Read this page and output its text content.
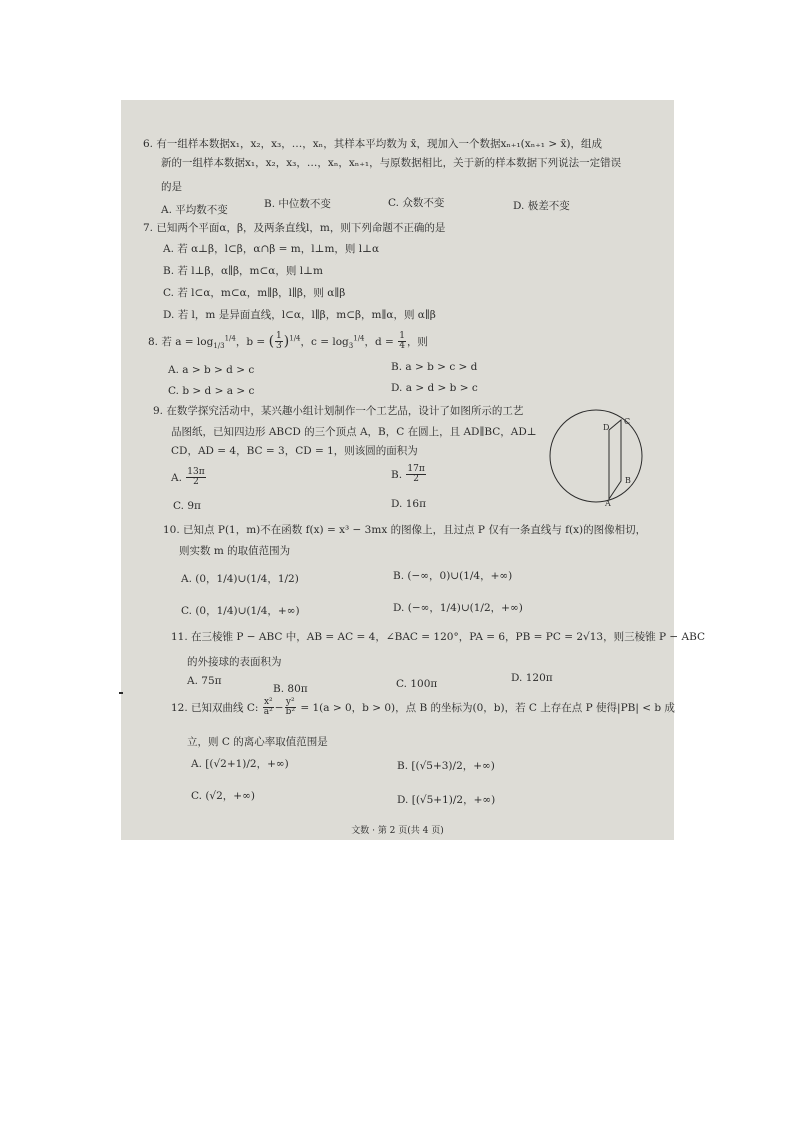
6. 有一组样本数据x₁，x₂，x₃，…，xₙ，其样本平均数为 x̄，现加入一个数据xₙ₊₁(xₙ₊₁ > x̄)，组成
新的一组样本数据x₁，x₂，x₃，…，xₙ，xₙ₊₁，与原数据相比，关于新的样本数据下列说法一定错误
的是
A. 平均数不变	B. 中位数不变	C. 众数不变	D. 极差不变
7. 已知两个平面α，β，及两条直线l，m，则下列命题不正确的是
A. 若 α⊥β，l⊂β，α∩β = m，l⊥m，则 l⊥α
B. 若 l⊥β，α∥β，m⊂α，则 l⊥m
C. 若 l⊂α，m⊂α，m∥β，l∥β，则 α∥β
D. 若 l，m 是异面直线，l⊂α，l∥β，m⊂β，m∥α，则 α∥β
8. 若 $a = \log_{1/3}^{1/4}$，b = ( $\frac{1}{3} )^{1/4}$，$c = \log_3^{1/4}$，$d = \frac{1}{4}$ ，则
A. a > b > d > c	B. a > b > c > d
C. b > d > a > c	D. a > d > b > c
9. 在数学探究活动中，某兴趣小组计划制作一个工艺品，设计了如图所示的工艺
品图纸，已知四边形 ABCD 的三个顶点 A，B，C 在圆上，且 AD∥BC，AD⊥
CD，AD = 4，BC = 3，CD = 1，则该圆的面积为
A. $\frac{13\pi}{2}$	B. $\frac{17\pi}{2}$
C. 9π	D. 16π
D
C
B
A
10. 已知点 P(1，m)不在函数 f(x) = x³ − 3mx 的图像上，且过点 P 仅有一条直线与 f(x)的图像相切，
则实数 m 的取值范围为
A. (0，1/4)∪(1/4，1/2)	B. (−∞，0)∪(1/4，+∞)
C. (0，1/4)∪(1/4，+∞)	D. (−∞，1/4)∪(1/2，+∞)
11. 在三棱锥 P − ABC 中，AB = AC = 4，∠BAC = 120°，PA = 6，PB = PC = 2√13，则三棱锥 P − ABC
的外接球的表面积为
A. 75π
B. 80π	C. 100π	D. 120π
12. 已知双曲线 C: $\frac{\text{x²}}{\text{a²}} - \frac{\text{y²}}{\text{b²}} = 1(a > 0$，b > 0)，点 B 的坐标为(0，b)，若 C 上存在点 P 使得|PB| < b 成
立，则 C 的离心率取值范围是
A. [(√2+1)/2，+∞)	B. [(√5+3)/2，+∞)
C. (√2，+∞)	D. [(√5+1)/2，+∞)
文数 · 第 2 页(共 4 页)
